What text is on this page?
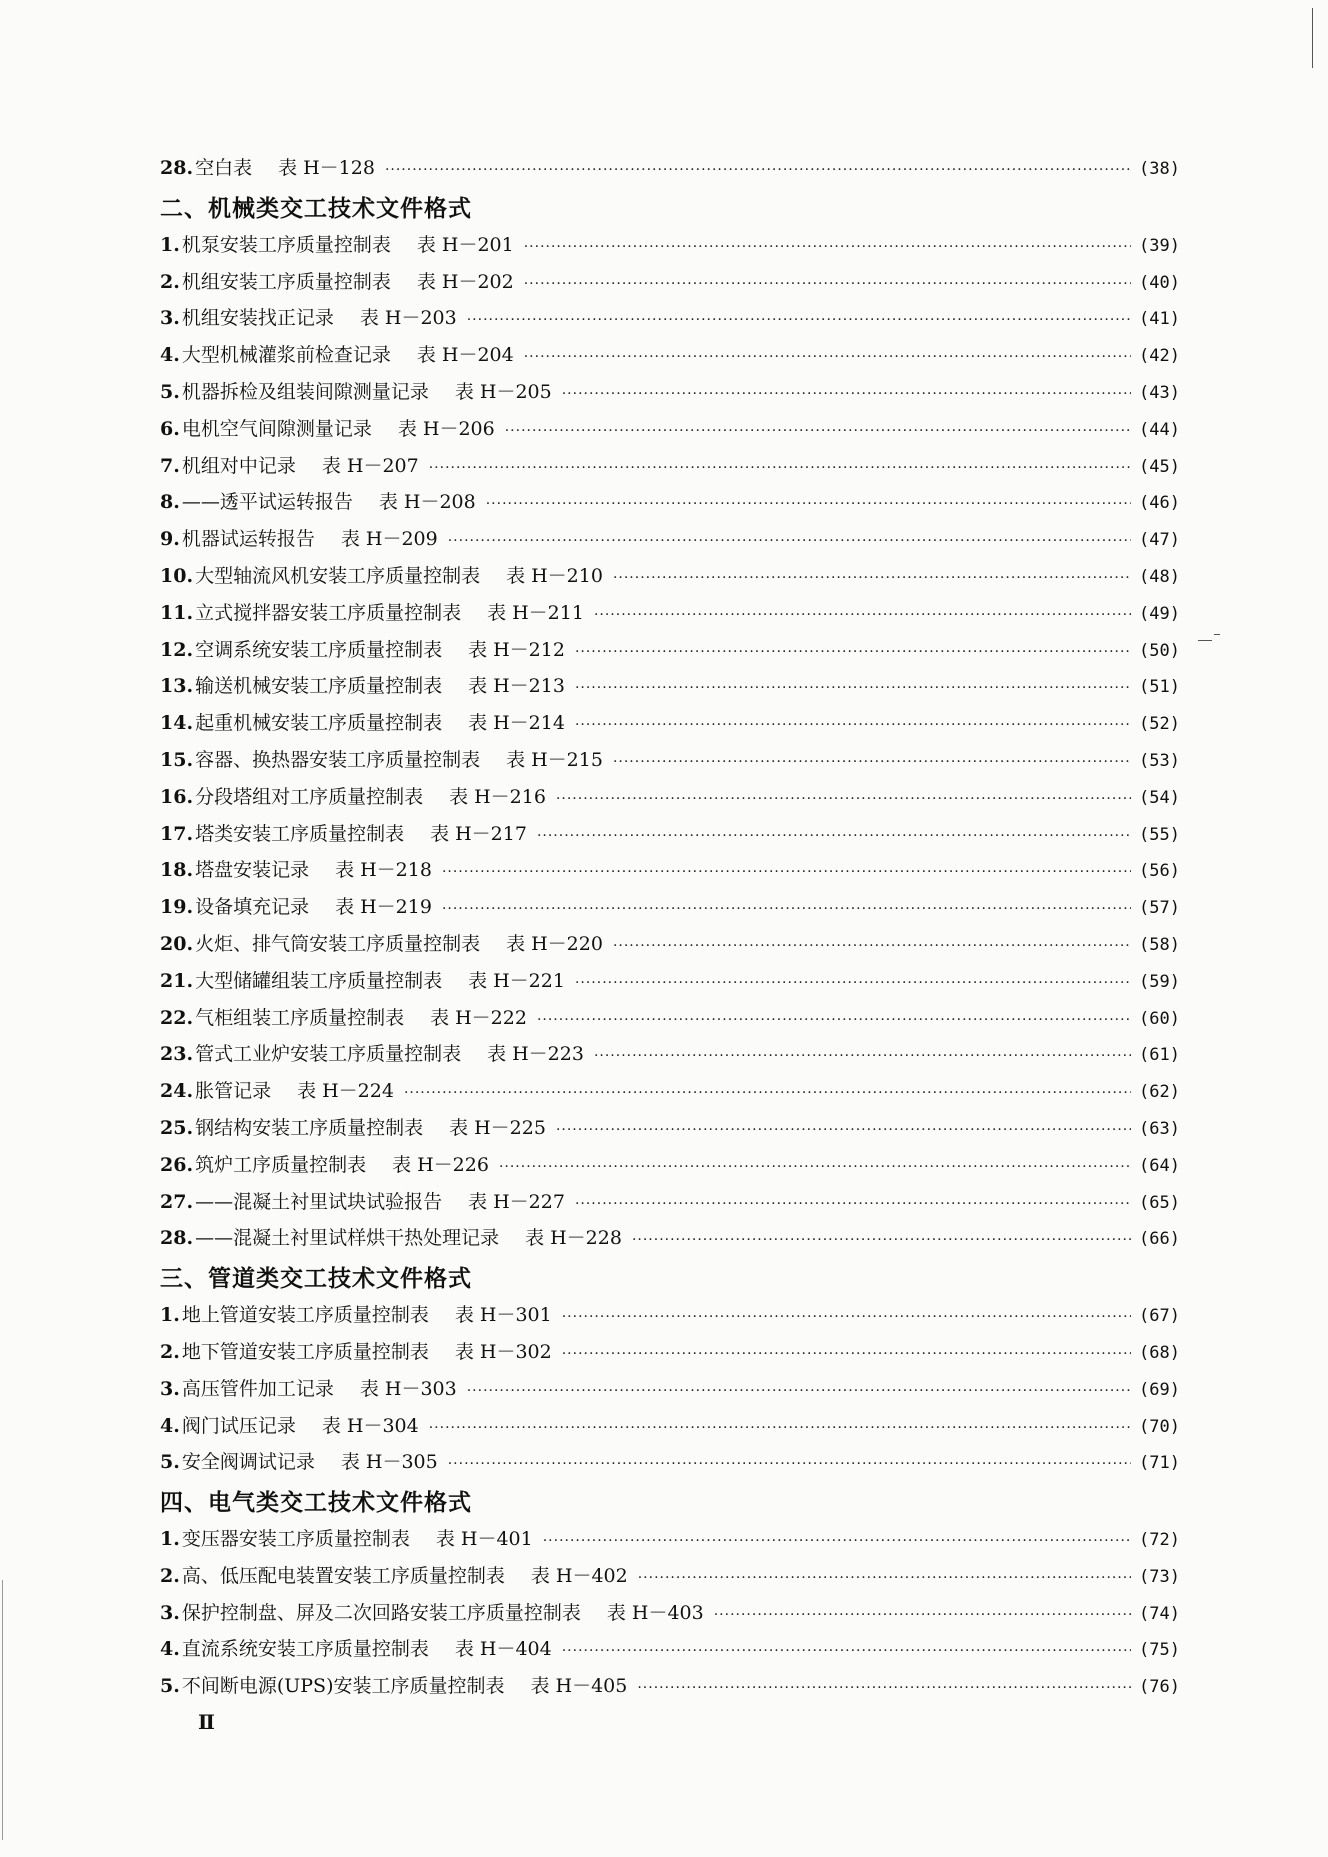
28. 空白表 表 H－128 ·····	(38)
二、机械类交工技术文件格式
1. 机泵安装工序质量控制表 表 H－201 ·····	(39)
2. 机组安装工序质量控制表 表 H－202 ·····	(40)
3. 机组安装找正记录 表 H－203 ·····	(41)
4. 大型机械灌浆前检查记录 表 H－204 ·····	(42)
5. 机器拆检及组装间隙测量记录 表 H－205 ·····	(43)
6. 电机空气间隙测量记录 表 H－206 ·····	(44)
7. 机组对中记录 表 H－207 ·····	(45)
8. ——透平试运转报告 表 H－208 ·····	(46)
9. 机器试运转报告 表 H－209 ·····	(47)
10. 大型轴流风机安装工序质量控制表 表 H－210 ·····	(48)
11. 立式搅拌器安装工序质量控制表 表 H－211 ·····	(49)
12. 空调系统安装工序质量控制表 表 H－212 ·····	(50)
13. 输送机械安装工序质量控制表 表 H－213 ·····	(51)
14. 起重机械安装工序质量控制表 表 H－214 ·····	(52)
15. 容器、换热器安装工序质量控制表 表 H－215 ·····	(53)
16. 分段塔组对工序质量控制表 表 H－216 ·····	(54)
17. 塔类安装工序质量控制表 表 H－217 ·····	(55)
18. 塔盘安装记录 表 H－218 ·····	(56)
19. 设备填充记录 表 H－219 ·····	(57)
20. 火炬、排气筒安装工序质量控制表 表 H－220 ·····	(58)
21. 大型储罐组装工序质量控制表 表 H－221 ·····	(59)
22. 气柜组装工序质量控制表 表 H－222 ·····	(60)
23. 管式工业炉安装工序质量控制表 表 H－223 ·····	(61)
24. 胀管记录 表 H－224 ·····	(62)
25. 钢结构安装工序质量控制表 表 H－225 ·····	(63)
26. 筑炉工序质量控制表 表 H－226 ·····	(64)
27. ——混凝土衬里试块试验报告 表 H－227 ·····	(65)
28. ——混凝土衬里试样烘干热处理记录 表 H－228 ·····	(66)
三、管道类交工技术文件格式
1. 地上管道安装工序质量控制表 表 H－301 ·····	(67)
2. 地下管道安装工序质量控制表 表 H－302 ·····	(68)
3. 高压管件加工记录 表 H－303 ·····	(69)
4. 阀门试压记录 表 H－304 ·····	(70)
5. 安全阀调试记录 表 H－305 ·····	(71)
四、电气类交工技术文件格式
1. 变压器安装工序质量控制表 表 H－401 ·····	(72)
2. 高、低压配电装置安装工序质量控制表 表 H－402 ·····	(73)
3. 保护控制盘、屏及二次回路安装工序质量控制表 表 H－403 ·····	(74)
4. 直流系统安装工序质量控制表 表 H－404 ·····	(75)
5. 不间断电源(UPS)安装工序质量控制表 表 H－405 ·····	(76)
Ⅱ
